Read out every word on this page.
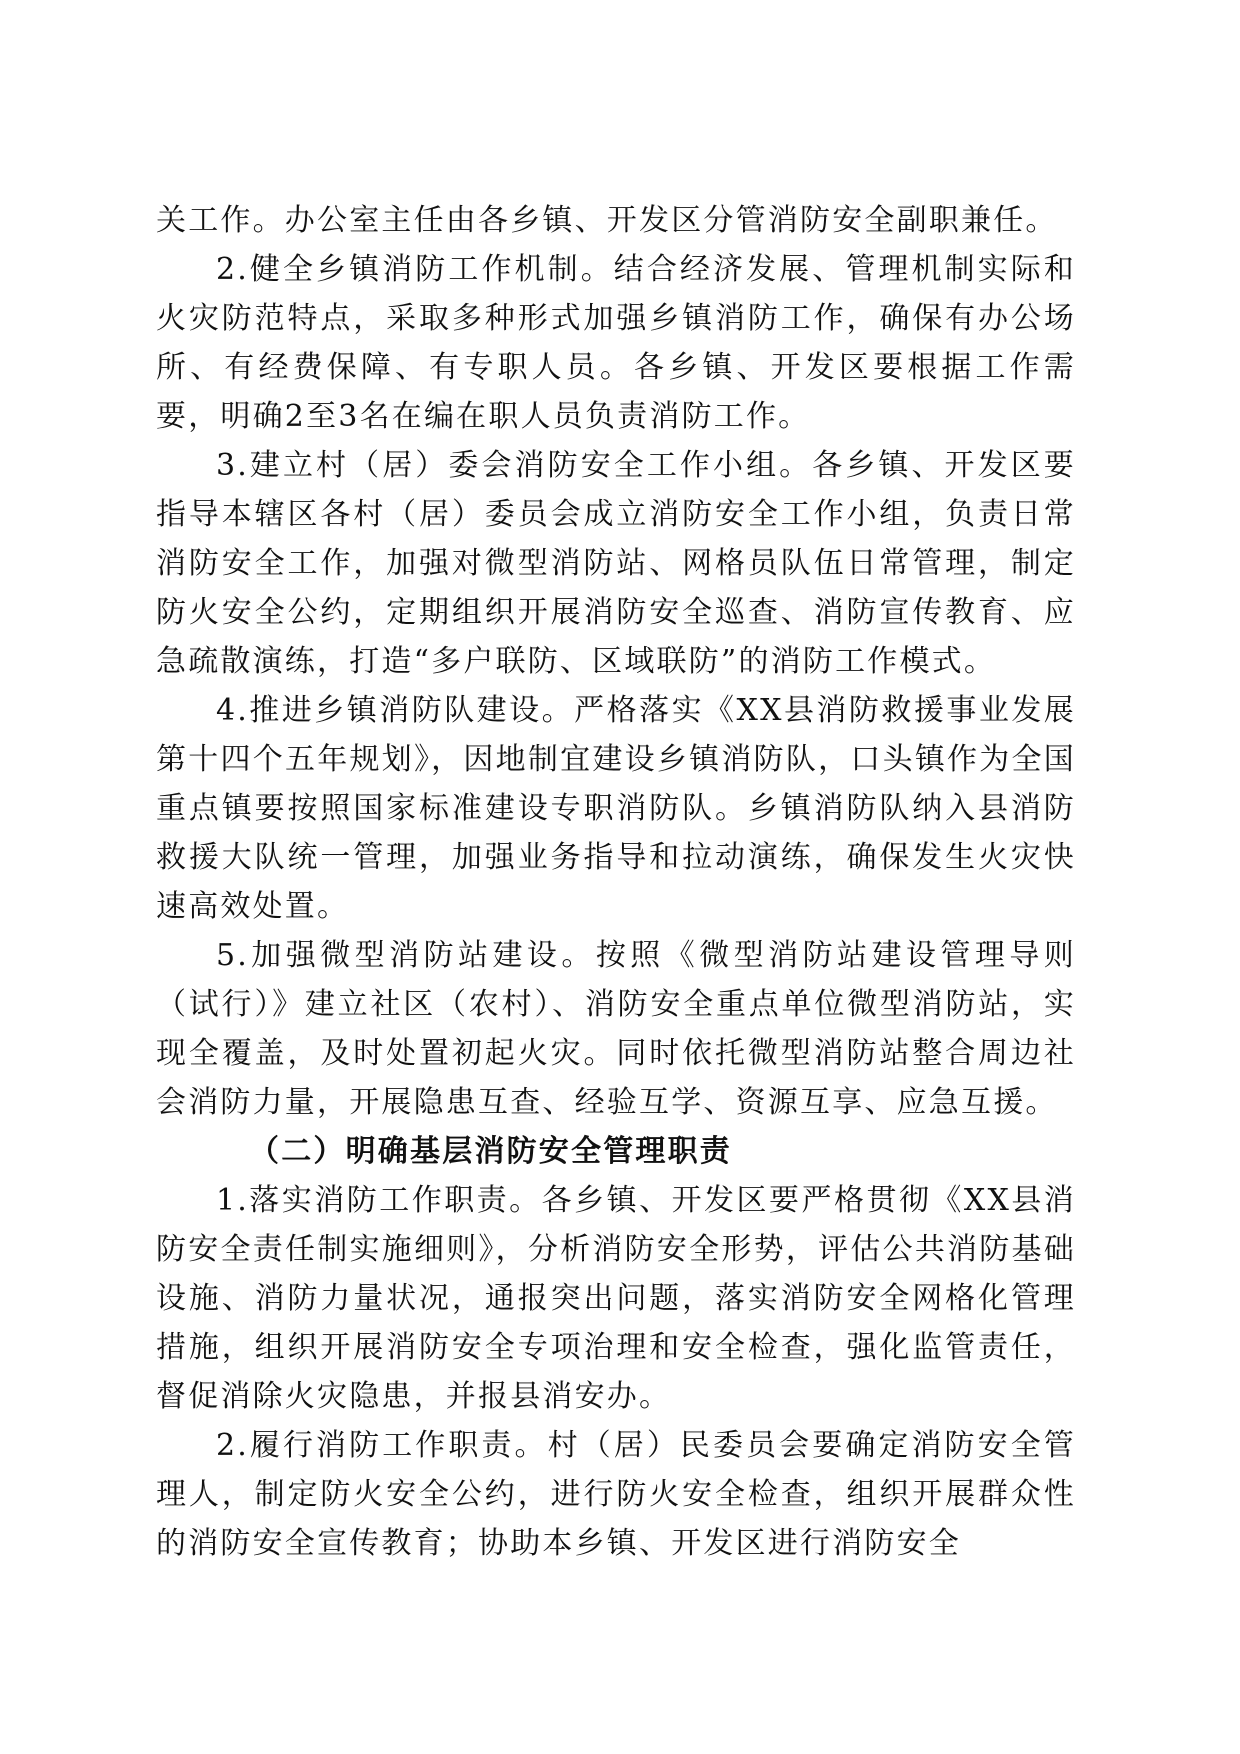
关工作。办公室主任由各乡镇、开发区分管消防安全副职兼任。

2.健全乡镇消防工作机制。结合经济发展、管理机制实际和火灾防范特点，采取多种形式加强乡镇消防工作，确保有办公场所、有经费保障、有专职人员。各乡镇、开发区要根据工作需要，明确2至3名在编在职人员负责消防工作。

3.建立村（居）委会消防安全工作小组。各乡镇、开发区要指导本辖区各村（居）委员会成立消防安全工作小组，负责日常消防安全工作，加强对微型消防站、网格员队伍日常管理，制定防火安全公约，定期组织开展消防安全巡查、消防宣传教育、应急疏散演练，打造“多户联防、区域联防”的消防工作模式。

4.推进乡镇消防队建设。严格落实《XX县消防救援事业发展第十四个五年规划》，因地制宜建设乡镇消防队，口头镇作为全国重点镇要按照国家标准建设专职消防队。乡镇消防队纳入县消防救援大队统一管理，加强业务指导和拉动演练，确保发生火灾快速高效处置。

5.加强微型消防站建设。按照《微型消防站建设管理导则（试行）》建立社区（农村）、消防安全重点单位微型消防站，实现全覆盖，及时处置初起火灾。同时依托微型消防站整合周边社会消防力量，开展隐患互查、经验互学、资源互享、应急互援。

（二）明确基层消防安全管理职责

1.落实消防工作职责。各乡镇、开发区要严格贯彻《XX县消防安全责任制实施细则》，分析消防安全形势，评估公共消防基础设施、消防力量状况，通报突出问题，落实消防安全网格化管理措施，组织开展消防安全专项治理和安全检查，强化监管责任，督促消除火灾隐患，并报县消安办。

2.履行消防工作职责。村（居）民委员会要确定消防安全管理人，制定防火安全公约，进行防火安全检查，组织开展群众性的消防安全宣传教育；协助本乡镇、开发区进行消防安全
